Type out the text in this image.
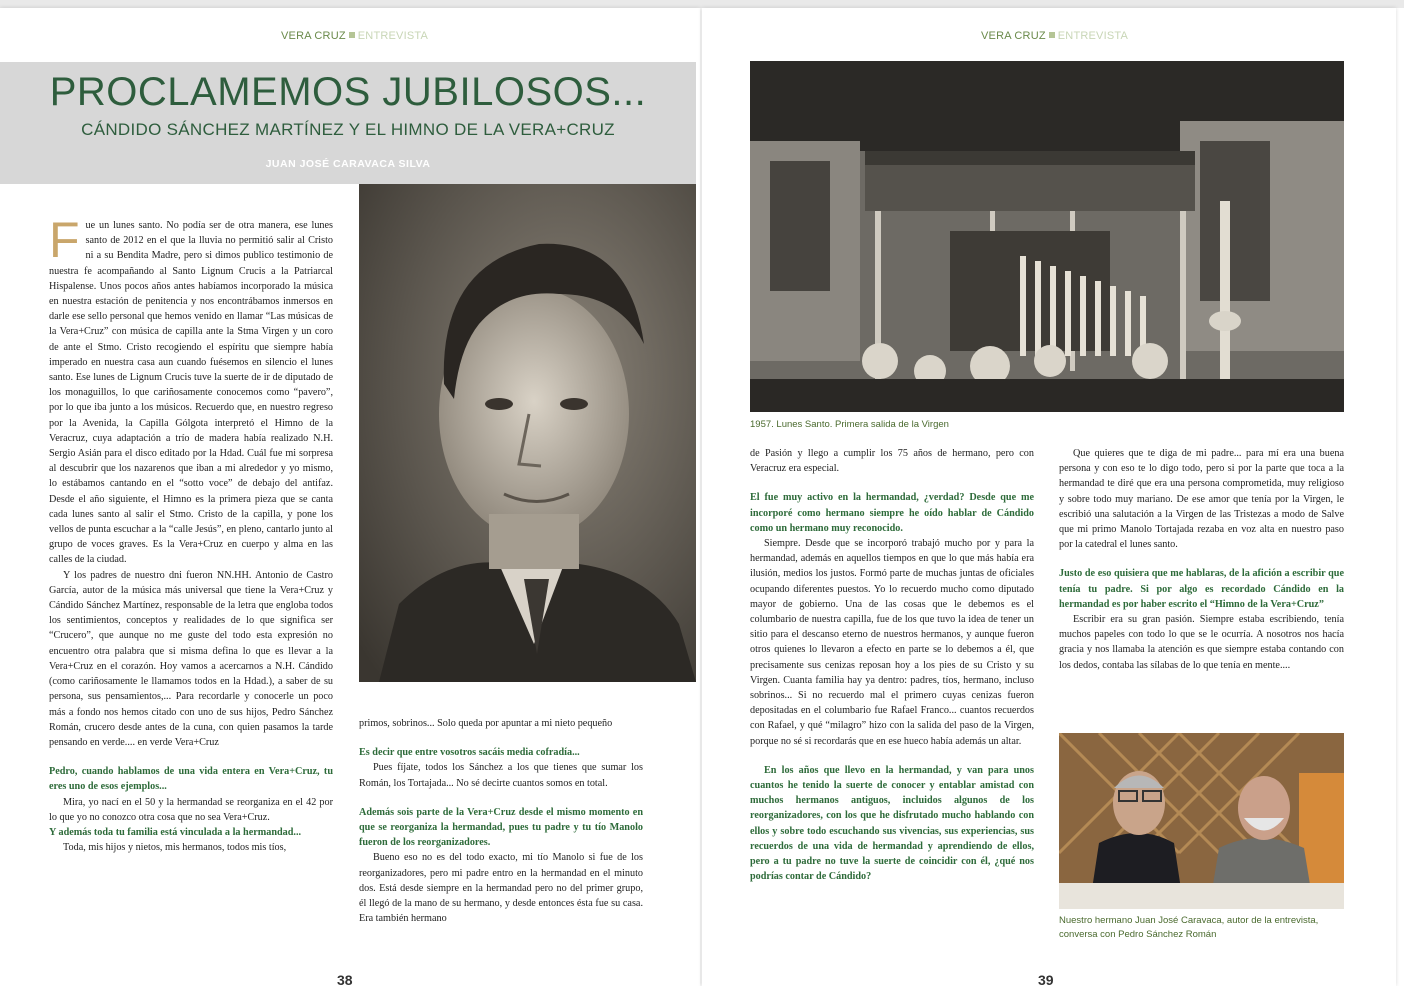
VERA CRUZ ENTREVISTA
PROCLAMEMOS JUBILOSOS...
CÁNDIDO SÁNCHEZ MARTÍNEZ Y EL HIMNO DE LA VERA+CRUZ
JUAN JOSÉ CARAVACA SILVA

Fue un lunes santo. No podía ser de otra manera, ese lunes santo de 2012 en el que la lluvia no permitió salir al Cristo ni a su Bendita Madre, pero si dimos publico testimonio de nuestra fe acompañando al Santo Lignum Crucis a la Patriarcal Hispalense. Unos pocos años antes habíamos incorporado la música en nuestra estación de penitencia y nos encontrábamos inmersos en darle ese sello personal que hemos venido en llamar “Las músicas de la Vera+Cruz” con música de capilla ante la Stma Virgen y un coro de ante el Stmo. Cristo recogiendo el espíritu que siempre había imperado en nuestra casa aun cuando fuésemos en silencio el lunes santo. Ese lunes de Lignum Crucis tuve la suerte de ir de diputado de los monaguillos, lo que cariñosamente conocemos como “pavero”, por lo que iba junto a los músicos. Recuerdo que, en nuestro regreso por la Avenida, la Capilla Gólgota interpretó el Himno de la Veracruz, cuya adaptación a trío de madera había realizado N.H. Sergio Asián para el disco editado por la Hdad. Cuál fue mi sorpresa al descubrir que los nazarenos que iban a mi alrededor y yo mismo, lo estábamos cantando en el “sotto voce” de debajo del antifaz. Desde el año siguiente, el Himno es la primera pieza que se canta cada lunes santo al salir el Stmo. Cristo de la capilla, y pone los vellos de punta escuchar a la “calle Jesús”, en pleno, cantarlo junto al grupo de voces graves. Es la Vera+Cruz en cuerpo y alma en las calles de la ciudad.

Y los padres de nuestro dni fueron NN.HH. Antonio de Castro García, autor de la música más universal que tiene la Vera+Cruz y Cándido Sánchez Martínez, responsable de la letra que engloba todos los sentimientos, conceptos y realidades de lo que significa ser “Crucero”, que aunque no me guste del todo esta expresión no encuentro otra palabra que si misma defina lo que es llevar a la Vera+Cruz en el corazón. Hoy vamos a acercarnos a N.H. Cándido (como cariñosamente le llamamos todos en la Hdad.), a saber de su persona, sus pensamientos,... Para recordarle y conocerle un poco más a fondo nos hemos citado con uno de sus hijos, Pedro Sánchez Román, crucero desde antes de la cuna, con quien pasamos la tarde pensando en verde.... en verde Vera+Cruz

Pedro, cuando hablamos de una vida entera en Vera+Cruz, tu eres uno de esos ejemplos...

Mira, yo nací en el 50 y la hermandad se reorganiza en el 42 por lo que yo no conozco otra cosa que no sea Vera+Cruz.

Y además toda tu familia está vinculada a la hermandad...

Toda, mis hijos y nietos, mis hermanos, todos mis tíos,

primos, sobrinos... Solo queda por apuntar a mi nieto pequeño

Es decir que entre vosotros sacáis media cofradía...

Pues fíjate, todos los Sánchez a los que tienes que sumar los Román, los Tortajada... No sé decirte cuantos somos en total.

Además sois parte de la Vera+Cruz desde el mismo momento en que se reorganiza la hermandad, pues tu padre y tu tío Manolo fueron de los reorganizadores.

Bueno eso no es del todo exacto, mi tío Manolo si fue de los reorganizadores, pero mi padre entro en la hermandad en el minuto dos. Está desde siempre en la hermandad pero no del primer grupo, él llegó de la mano de su hermano, y desde entonces ésta fue su casa. Era también hermano

38
VERA CRUZ ENTREVISTA
1957. Lunes Santo. Primera salida de la Virgen

de Pasión y llego a cumplir los 75 años de hermano, pero con Veracruz era especial.

El fue muy activo en la hermandad, ¿verdad? Desde que me incorporé como hermano siempre he oído hablar de Cándido como un hermano muy reconocido.

Siempre. Desde que se incorporó trabajó mucho por y para la hermandad, además en aquellos tiempos en que lo que más había era ilusión, medios los justos. Formó parte de muchas juntas de oficiales ocupando diferentes puestos. Yo lo recuerdo mucho como diputado mayor de gobierno. Una de las cosas que le debemos es el columbario de nuestra capilla, fue de los que tuvo la idea de tener un sitio para el descanso eterno de nuestros hermanos, y aunque fueron otros quienes lo llevaron a efecto en parte se lo debemos a él, que precisamente sus cenizas reposan hoy a los pies de su Cristo y su Virgen. Cuanta familia hay ya dentro: padres, tíos, hermano, incluso sobrinos... Si no recuerdo mal el primero cuyas cenizas fueron depositadas en el columbario fue Rafael Franco... cuantos recuerdos con Rafael, y qué “milagro” hizo con la salida del paso de la Virgen, porque no sé si recordarás que en ese hueco había además un altar.

En los años que llevo en la hermandad, y van para unos cuantos he tenido la suerte de conocer y entablar amistad con muchos hermanos antiguos, incluidos algunos de los reorganizadores, con los que he disfrutado mucho hablando con ellos y sobre todo escuchando sus vivencias, sus experiencias, sus recuerdos de una vida de hermandad y aprendiendo de ellos, pero a tu padre no tuve la suerte de coincidir con él, ¿qué nos podrías contar de Cándido?

Que quieres que te diga de mi padre... para mí era una buena persona y con eso te lo digo todo, pero si por la parte que toca a la hermandad te diré que era una persona comprometida, muy religioso y sobre todo muy mariano. De ese amor que tenía por la Virgen, le escribió una salutación a la Virgen de las Tristezas a modo de Salve que mi primo Manolo Tortajada rezaba en voz alta en nuestro paso por la catedral el lunes santo.

Justo de eso quisiera que me hablaras, de la afición a escribir que tenía tu padre. Si por algo es recordado Cándido en la hermandad es por haber escrito el “Himno de la Vera+Cruz”

Escribir era su gran pasión. Siempre estaba escribiendo, tenía muchos papeles con todo lo que se le ocurría. A nosotros nos hacía gracia y nos llamaba la atención es que siempre estaba contando con los dedos, contaba las sílabas de lo que tenía en mente....

Nuestro hermano Juan José Caravaca, autor de la entrevista, conversa con Pedro Sánchez Román
39
